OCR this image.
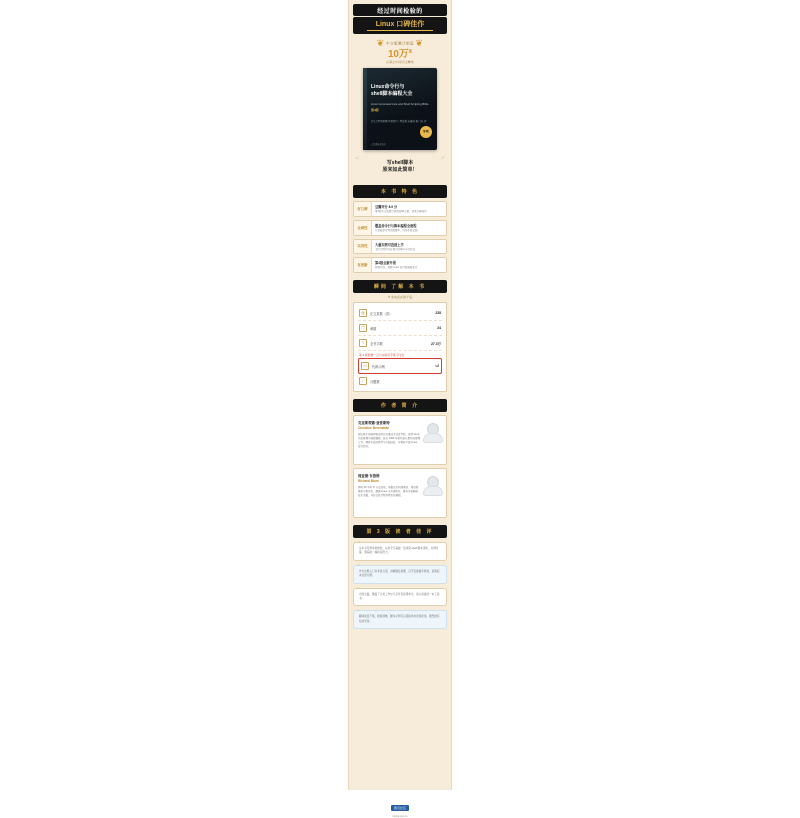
经过时间检验的
Linux 口碑佳作
❦ 中文版累计销量 ❦
10万$^册$
(以事业为本的专业精神)
Linux命令行与
shell脚本编程大全
Linux Command Line and Shell Scripting Bible
第4版
[美] 克里斯蒂娜·登普斯特 / 理查德·布鲁姆 著 门佳 译
第4版
人民邮电出版社
“	”
写shell脚本
原来如此简单！
本 书 特 色
好口碑	豆瓣评分 8.9 分
第3版中文版累计销量超10万册，读者口碑佳作
全面性	覆盖命令行与脚本编程全流程
从基础命令到高级脚本，内容系统全面
实用性	大量实例可直接上手
书中示例均可在真实环境中运行验证
有更新	第4版全新升级
新增内容，紧跟 Linux 发行版最新变化
瞬间 了解 本 书
✎ 实实在在的干货
▤	正文页数（页）	228
❐	章数	24
✎	全书字数	27.3万
第 4 版新增一章与实验动手练习内容
<>	代码示例	≈2
✓	习题数
作 者 简 介
克里斯蒂娜·登普斯特
Christine Bresnahan
现任教于美国印第安纳州艾维技术社区学院，讲授 Linux 系统管理与编程课程。她从 1990 年起开始从事系统管理工作，拥有丰富的教学与实践经验，并著有多部 Linux 技术图书。
理查德·布鲁姆
Richard Blum
拥有 20 多年 IT 从业经验，曾担任系统管理员、网络管理员与程序员，精通 Linux 与开源软件，著有多部畅销技术书籍，并在社区学院讲授在线课程。
第 3 版 读 者 佳 评
“
这本书写得非常细致，从命令行基础一直讲到 shell 脚本进阶，实例丰富，照着敲一遍收获很大。
“
作为运维入门书非常合适，讲解通俗易懂，章节安排循序渐进，查阅起来也很方便。
“
内容全面，覆盖了日常工作中几乎所有常用命令，案头常备的一本工具书。
“
翻译质量不错，排版清晰，脚本示例可以直接拿来改造使用，强烈推荐给初学者。
图灵社区
ituring.com.cn
